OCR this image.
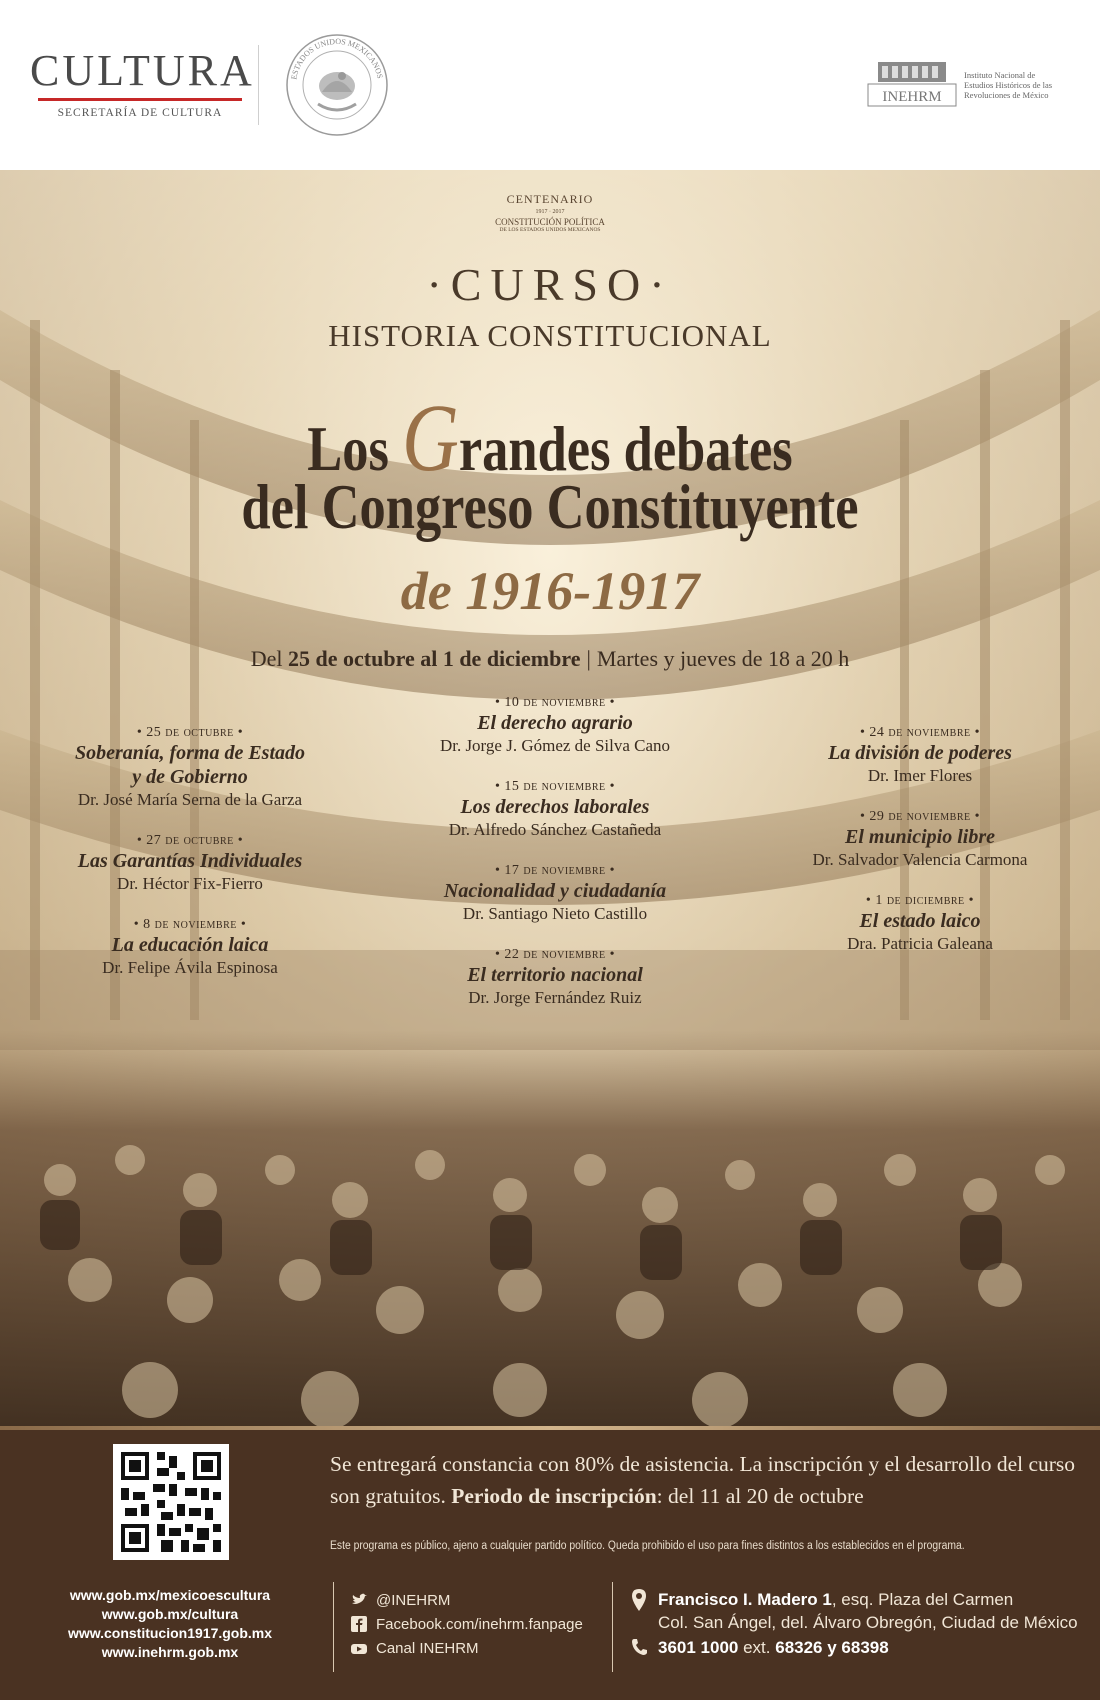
CULTURA
SECRETARÍA DE CULTURA
ESTADOS UNIDOS MEXICANOS
INEHRM
Instituto Nacional de
Estudios Históricos de las
Revoluciones de México
CENTENARIO
1917 · 2017
CONSTITUCIÓN POLÍTICA
DE LOS ESTADOS UNIDOS MEXICANOS
·CURSO·
HISTORIA CONSTITUCIONAL
Los Grandes debates
del Congreso Constituyente
de 1916-1917
Del 25 de octubre al 1 de diciembre | Martes y jueves de 18 a 20 h
• 25 de octubre •
Soberanía, forma de Estado
y de Gobierno
Dr. José María Serna de la Garza
• 27 de octubre •
Las Garantías Individuales
Dr. Héctor Fix-Fierro
• 8 de noviembre •
La educación laica
Dr. Felipe Ávila Espinosa
• 10 de noviembre •
El derecho agrario
Dr. Jorge J. Gómez de Silva Cano
• 15 de noviembre •
Los derechos laborales
Dr. Alfredo Sánchez Castañeda
• 17 de noviembre •
Nacionalidad y ciudadanía
Dr. Santiago Nieto Castillo
• 22 de noviembre •
El territorio nacional
Dr. Jorge Fernández Ruiz
• 24 de noviembre •
La división de poderes
Dr. Imer Flores
• 29 de noviembre •
El municipio libre
Dr. Salvador Valencia Carmona
• 1 de diciembre •
El estado laico
Dra. Patricia Galeana
Se entregará constancia con 80% de asistencia. La inscripción y el desarrollo del curso son gratuitos. Periodo de inscripción: del 11 al 20 de octubre
Este programa es público, ajeno a cualquier partido político. Queda prohibido el uso para fines distintos a los establecidos en el programa.
www.gob.mx/mexicoescultura
www.gob.mx/cultura
www.constitucion1917.gob.mx
www.inehrm.gob.mx
@INEHRM
Facebook.com/inehrm.fanpage
Canal INEHRM
Francisco I. Madero 1, esq. Plaza del Carmen
Col. San Ángel, del. Álvaro Obregón, Ciudad de México
3601 1000 ext. 68326 y 68398
